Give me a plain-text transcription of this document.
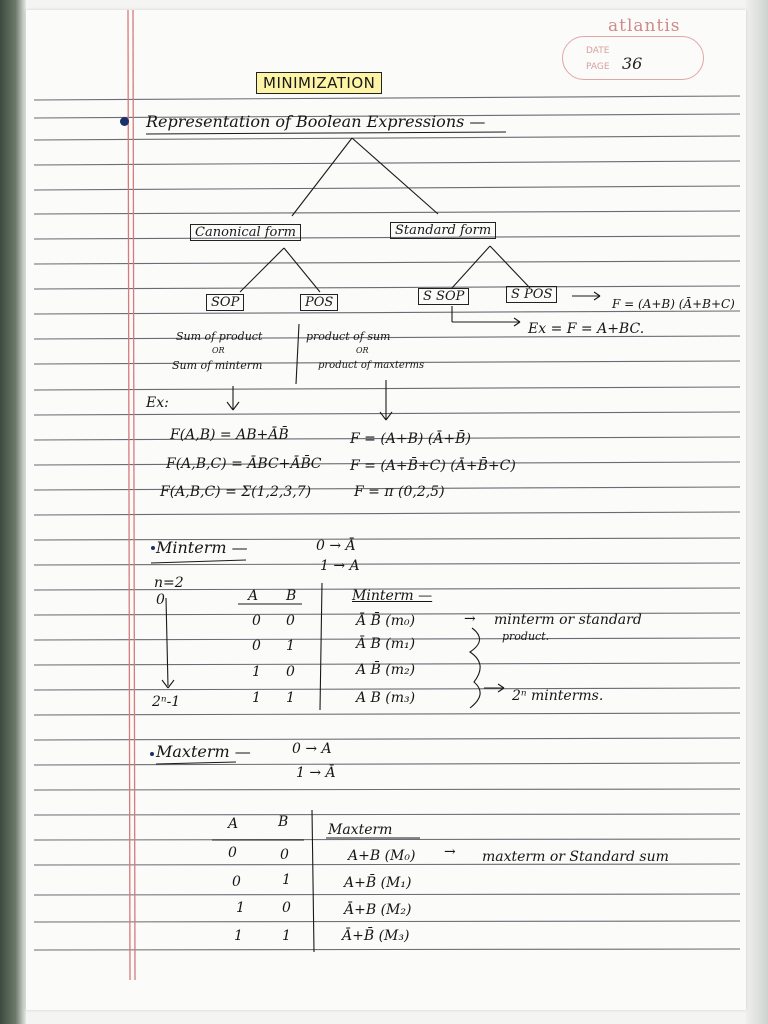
atlantis
DATE
PAGE 36
MINIMIZATION
Representation of Boolean Expressions —
Canonical form	Standard form
SOP	POS	S SOP	S POS
F = (A+B) (Ā+B+C)
Ex = F = A+BC.
Sum of product
OR
Sum of minterm
product of sum
OR
product of maxterms
Ex:
F(A,B) = AB+ĀB̄
F(A,B,C) = ĀBC+ĀB̄C
F(A,B,C) = Σ(1,2,3,7)
F = (A+B) (Ā+B̄)
F = (A+B̄+C) (Ā+B̄+C)
F = π (0,2,5)
Minterm —	0 → Ā
1 → A
n=2
0
2ⁿ-1
A B	Minterm —
0 0	Ā B̄ (m₀)
0 1	Ā B (m₁)
1 0	A B̄ (m₂)
1 1	A B (m₃)
→ minterm or standard
product.
2ⁿ minterms.
Maxterm —	0 → A
1 → Ā
A	B	Maxterm
0	0	A+B (M₀) → maxterm or Standard sum
0	1	A+B̄ (M₁)
1	0	Ā+B (M₂)
1	1	Ā+B̄ (M₃)
